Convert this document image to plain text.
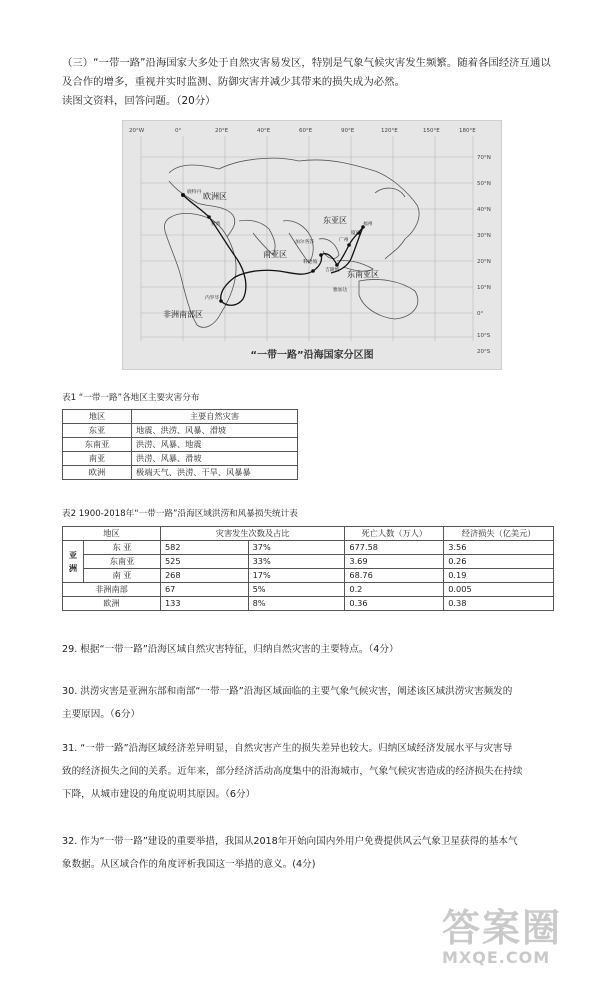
（三）“一带一路”沿海国家大多处于自然灾害易发区，特别是气象气候灾害发生频繁。随着各国经济互通以

及合作的增多，重视并实时监测、防御灾害并减少其带来的损失成为必然。

读图文资料，回答问题。（20分）

20°W	0°	20°E	40°E	60°E	90°E	120°E	150°E	180°E
70°N
50°N
40°N
30°N
20°N
10°N
0°
10°S
20°S
欧洲区
东亚区
南亚区
东南亚区
非洲南部区
鹿特丹
雅典
内罗毕
加尔各答
科伦坡
吉隆坡
雅加达
广州
厦门
福州
“一带一路”沿海国家分区图
表1 “一带一路”各地区主要灾害分布
地区	主要自然灾害
东亚	地震、洪涝、风暴、滑坡
东南亚	洪涝、风暴、地震
南亚	洪涝、风暴、滑坡
欧洲	极端天气、洪涝、干旱、风暴暴
表2 1900-2018年“一带一路”沿海区域洪涝和风暴损失统计表
地区		灾害发生次数及占比		死亡人数（万人）	经济损失（亿美元）
亚洲	东 亚	582	37%	677.58	3.56
	东南亚	525	33%	3.69	0.26
	南 亚	268	17%	68.76	0.19
非洲南部		67	5%	0.2	0.005
欧洲		133	8%	0.36	0.38

29. 根据“一带一路”沿海区域自然灾害特征，归纳自然灾害的主要特点。（4分）

30. 洪涝灾害是亚洲东部和南部“一带一路”沿海区域面临的主要气象气候灾害，阐述该区域洪涝灾害频发的

主要原因。（6分）

31. “一带一路”沿海区域经济差异明显，自然灾害产生的损失差异也较大。归纳区域经济发展水平与灾害导

致的经济损失之间的关系。近年来，部分经济活动高度集中的沿海城市，气象气候灾害造成的经济损失在持续

下降，从城市建设的角度说明其原因。（6分）

32. 作为“一带一路”建设的重要举措，我国从2018年开始向国内外用户免费提供风云气象卫星获得的基本气

象数据。从区域合作的角度评析我国这一举措的意义。(4分)

答案圈
MXQE.COM
